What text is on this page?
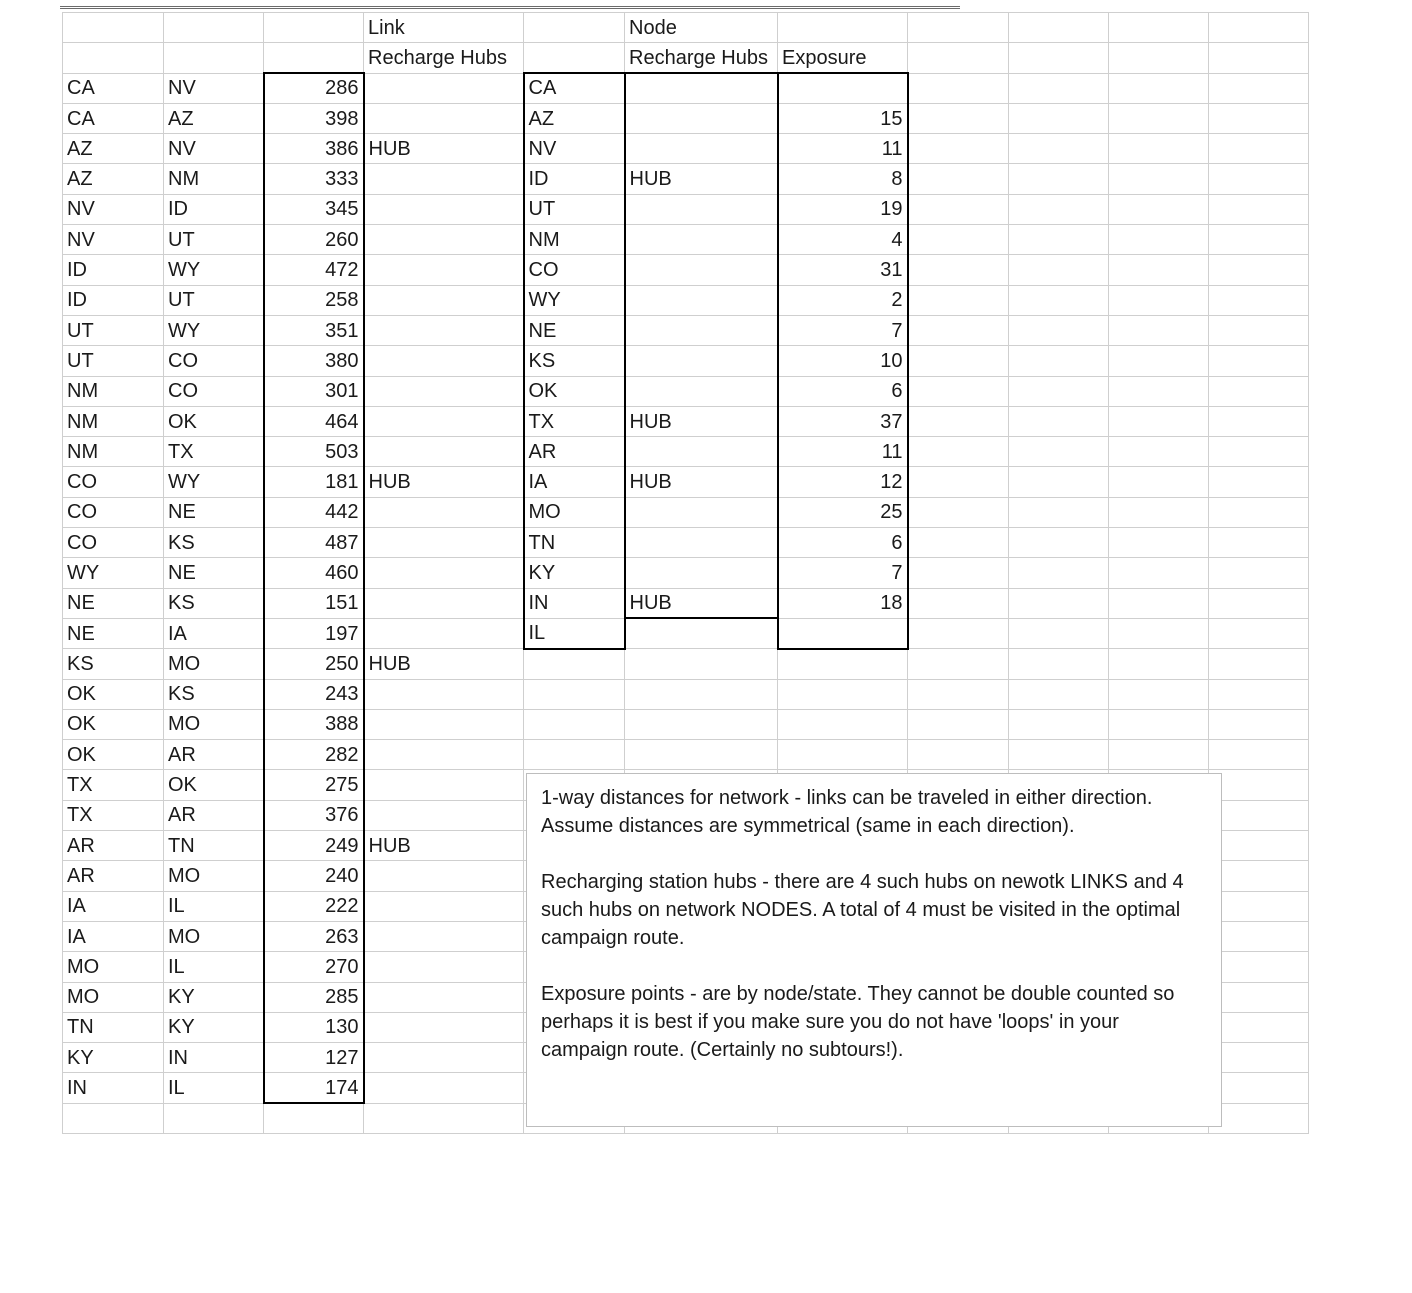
			Link		Node					
			Recharge Hubs		Recharge Hubs	Exposure				
CA	NV	286		CA						
CA	AZ	398		AZ		15				
AZ	NV	386	HUB	NV		11				
AZ	NM	333		ID	HUB	8				
NV	ID	345		UT		19				
NV	UT	260		NM		4				
ID	WY	472		CO		31				
ID	UT	258		WY		2				
UT	WY	351		NE		7				
UT	CO	380		KS		10				
NM	CO	301		OK		6				
NM	OK	464		TX	HUB	37				
NM	TX	503		AR		11				
CO	WY	181	HUB	IA	HUB	12				
CO	NE	442		MO		25				
CO	KS	487		TN		6				
WY	NE	460		KY		7				
NE	KS	151		IN	HUB	18				
NE	IA	197		IL						
KS	MO	250	HUB							
OK	KS	243								
OK	MO	388								
OK	AR	282								
TX	OK	275								
TX	AR	376								
AR	TN	249	HUB							
AR	MO	240								
IA	IL	222								
IA	MO	263								
MO	IL	270								
MO	KY	285								
TN	KY	130								
KY	IN	127								
IN	IL	174								

1-way distances for network - links can be traveled in either direction. Assume distances are symmetrical (same in each direction).

Recharging station hubs - there are 4 such hubs on newotk LINKS and 4 such hubs on network NODES. A total of 4 must be visited in the optimal campaign route.

Exposure points - are by node/state. They cannot be double counted so perhaps it is best if you make sure you do not have 'loops' in your campaign route. (Certainly no subtours!).
